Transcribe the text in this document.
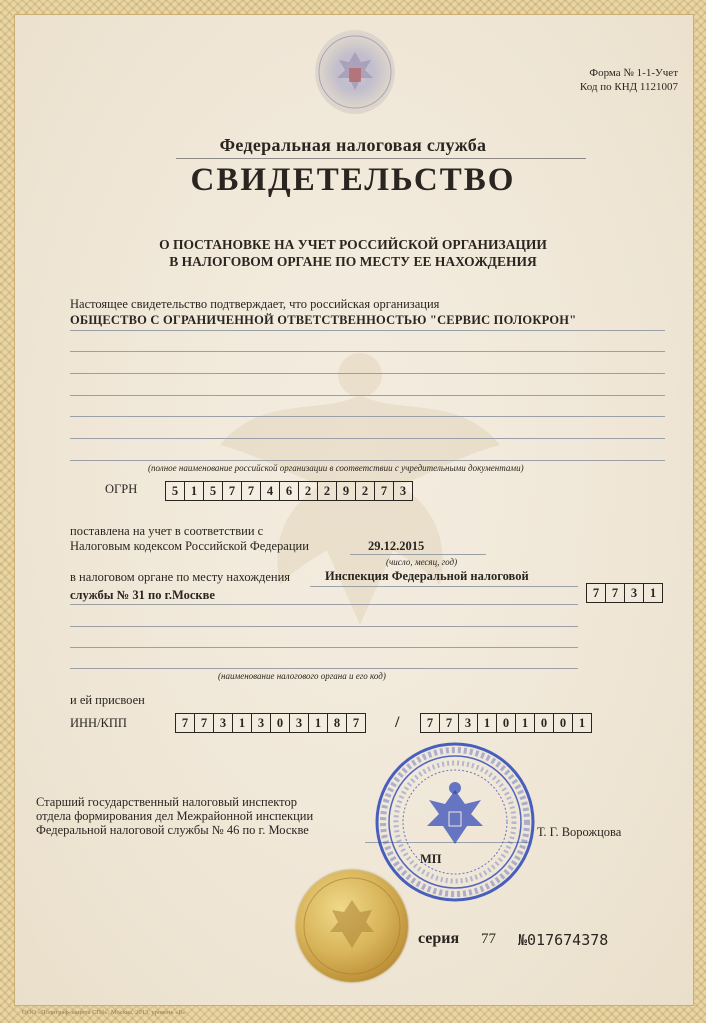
Форма № 1-1-Учет
Код по КНД 1121007
Федеральная налоговая служба
СВИДЕТЕЛЬСТВО
О ПОСТАНОВКЕ НА УЧЕТ РОССИЙСКОЙ ОРГАНИЗАЦИИ
В НАЛОГОВОМ ОРГАНЕ ПО МЕСТУ ЕЕ НАХОЖДЕНИЯ
Настоящее свидетельство подтверждает, что российская организация
ОБЩЕСТВО С ОГРАНИЧЕННОЙ ОТВЕТСТВЕННОСТЬЮ "СЕРВИС ПОЛОКРОН"
(полное наименование российской организации в соответствии с учредительными документами)
ОГРН	5	1	5	7	7	4	6	2	2	9	2	7	3
поставлена на учет в соответствии с
Налоговым кодексом Российской Федерации	29.12.2015
(число, месяц, год)
в налоговом органе по месту нахождения	Инспекция Федеральной налоговой
службы № 31 по г.Москве	7	7	3	1
(наименование налогового органа и его код)
и ей присвоен
ИНН/КПП	7	7	3	1	3	0	3	1	8	7	/	7	7	3	1	0	1	0	0	1
Старший государственный налоговый инспектор
отдела формирования дел Межрайонной инспекции
Федеральной налоговой службы № 46 по г. Москве	Т. Г. Ворожцова
МП
серия 77 №017674378
ООО «Полиграф-защита СПб», Москва, 2013, уровень «В»
